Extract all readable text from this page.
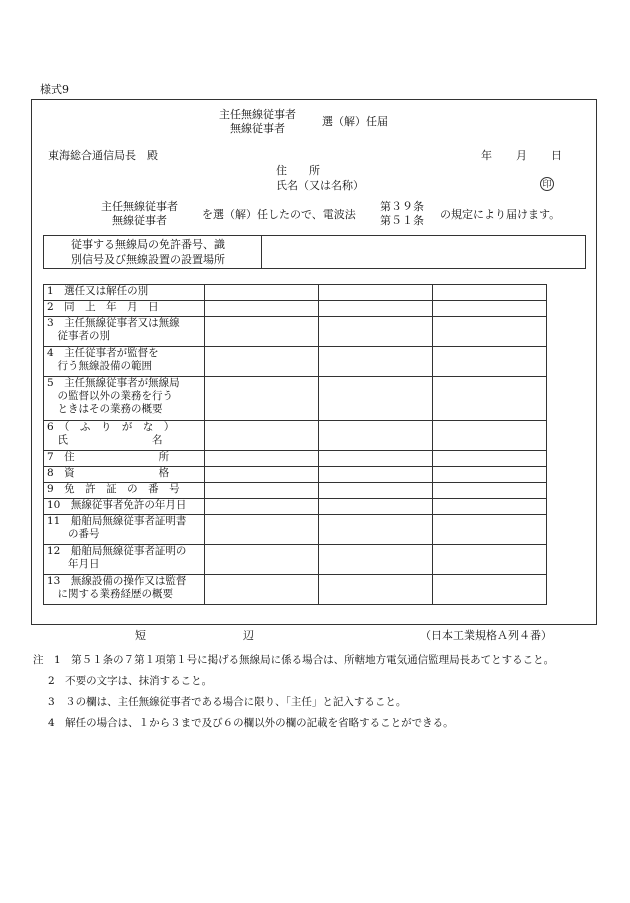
様式9
主任無線従事者
無線従事者
選（解）任届
東海総合通信局長　殿	年 月 日
住　　所
氏名（又は名称）	印
主任無線従事者
無線従事者	を選（解）任したので、電波法
第３９条
第５１条 の規定により届けます。
従事する無線局の免許番号、識
別信号及び無線設置の設置場所
1　選任又は解任の別			
2　同　上　年　月　日			
3　主任無線従事者又は無線
　従事者の別			
4　主任従事者が監督を
　行う無線設備の範囲			
5　主任無線従事者が無線局
　の監督以外の業務を行う
　ときはその業務の概要			
6　（　ふ　り　が　な　）
　氏　　　　　　　　名			
7　住　　　　　　　　所			
8　資　　　　　　　　格			
9　免　許　証　の　番　号			
10　無線従事者免許の年月日			
11　船舶局無線従事者証明書
　　の番号			
12　船舶局無線従事者証明の
　　年月日			
13　無線設備の操作又は監督
　に関する業務経歴の概要			
短	辺	（日本工業規格Ａ列４番）
注　1　第５１条の７第１項第１号に掲げる無線局に係る場合は、所轄地方電気通信監理局長あてとすること。
2　不要の文字は、抹消すること。
3　３の欄は、主任無線従事者である場合に限り、「主任」と記入すること。
4　解任の場合は、１から３まで及び６の欄以外の欄の記載を省略することができる。
